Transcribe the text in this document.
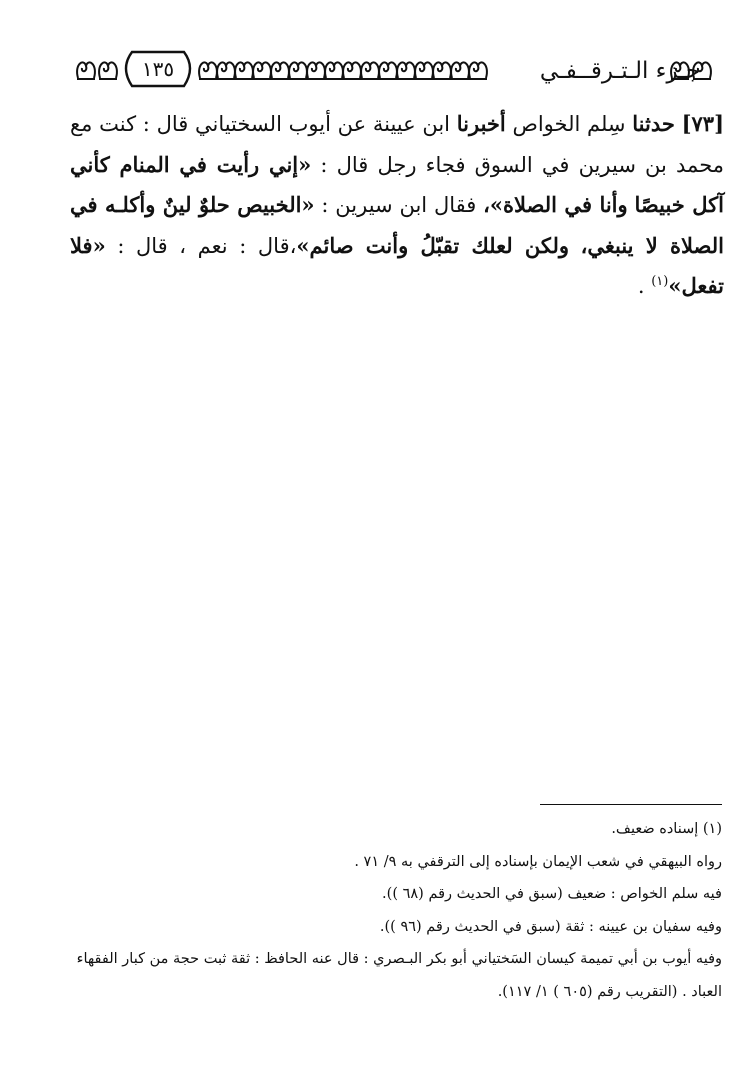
١٣٥	جـزء الـتـرقــفـي
[٧٣] حدثنا سِلم الخواص أخبرنا ابن عيينة عن أيوب السختياني قال : كنت مع محمد بن سيرين في السوق فجاء رجل قال : «إني رأيت في المنام كأني آكل خبيصًا وأنا في الصلاة»، فقال ابن سيرين : «الخبيص حلوٌ لينٌ وأكلـه في الصلاة لا ينبغي، ولكن لعلك تقبّلُ وأنت صائم»،قال : نعم ، قال : «فلا تفعل»$^{(١)}$ .

(١) إسناده ضعيف.

رواه البيهقي في شعب الإيمان بإسناده إلى الترقفي به ٩/ ٧١ .

فيه سلم الخواص : ضعيف (سبق في الحديث رقم (٦٨ )).

وفيه سفيان بن عيينه : ثقة (سبق في الحديث رقم (٩٦ )).

وفيه أيوب بن أبي تميمة كيسان السَختياني أبو بكر البـصري : قال عنه الحافظ : ثقة ثبت حجة من كبار الفقهاء

العباد . (التقريب رقم (٦٠٥ ) ١/ ١١٧).
